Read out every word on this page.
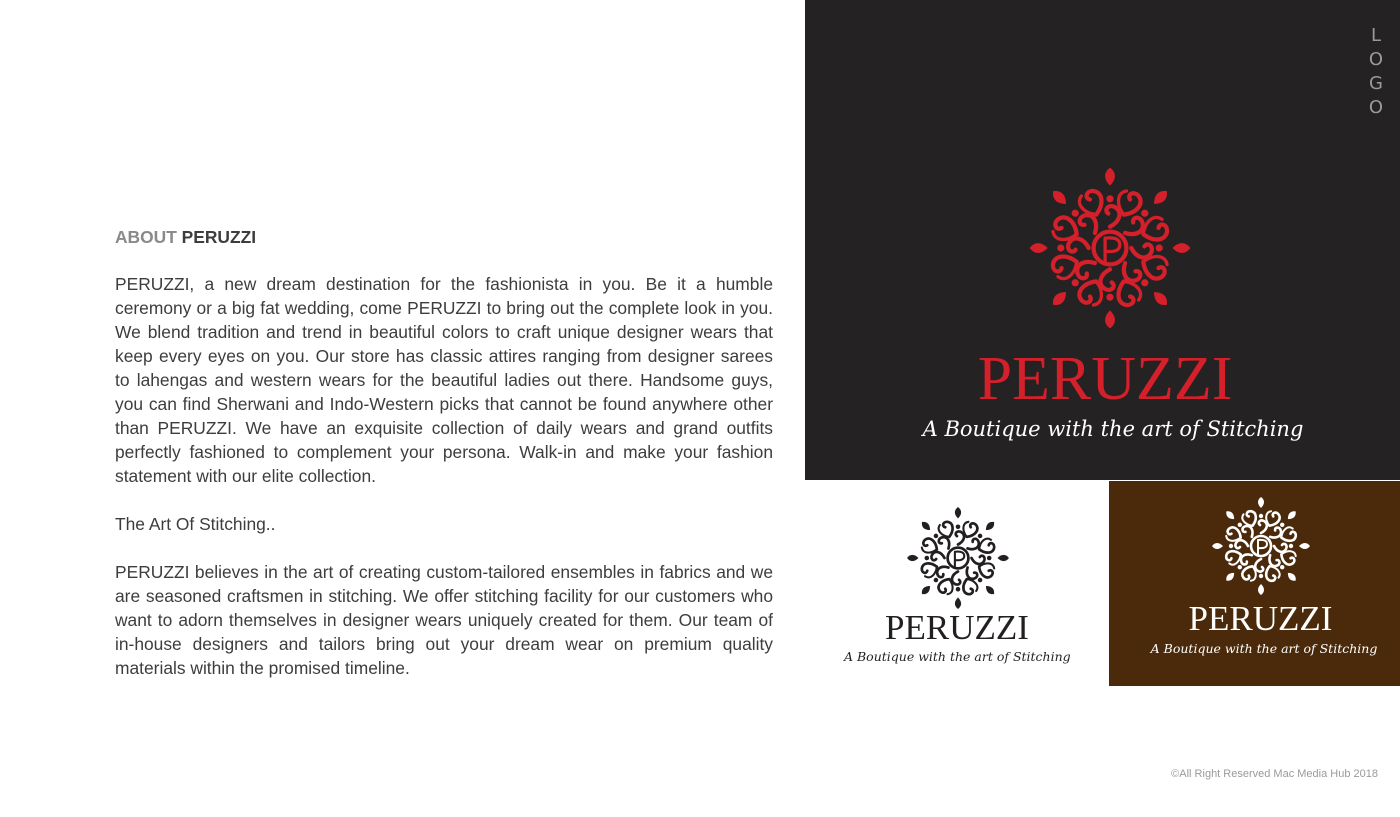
ABOUT PERUZZI

PERUZZI, a new dream destination for the fashionista in you. Be it a humble ceremony or a big fat wedding, come PERUZZI to bring out the complete look in you. We blend tradition and trend in beautiful colors to craft unique designer wears that keep every eyes on you. Our store has classic attires ranging from designer sarees to lahengas and western wears for the beautiful ladies out there. Handsome guys, you can find Sherwani and Indo-Western picks that cannot be found anywhere other than PERUZZI. We have an exquisite collection of daily wears and grand outfits perfectly fashioned to complement your persona. Walk-in and make your fashion statement with our elite collection.

The Art Of Stitching..

PERUZZI believes in the art of creating custom-tailored ensembles in fabrics and we are seasoned craftsmen in stitching. We offer stitching facility for our customers who want to adorn themselves in designer wears uniquely created for them. Our team of in-house designers and tailors bring out your dream wear on premium quality materials within the promised timeline.

L
O
G
O
PERUZZI
A Boutique with the art of Stitching
PERUZZI
A Boutique with the art of Stitching
PERUZZI
A Boutique with the art of Stitching
©All Right Reserved Mac Media Hub 2018
